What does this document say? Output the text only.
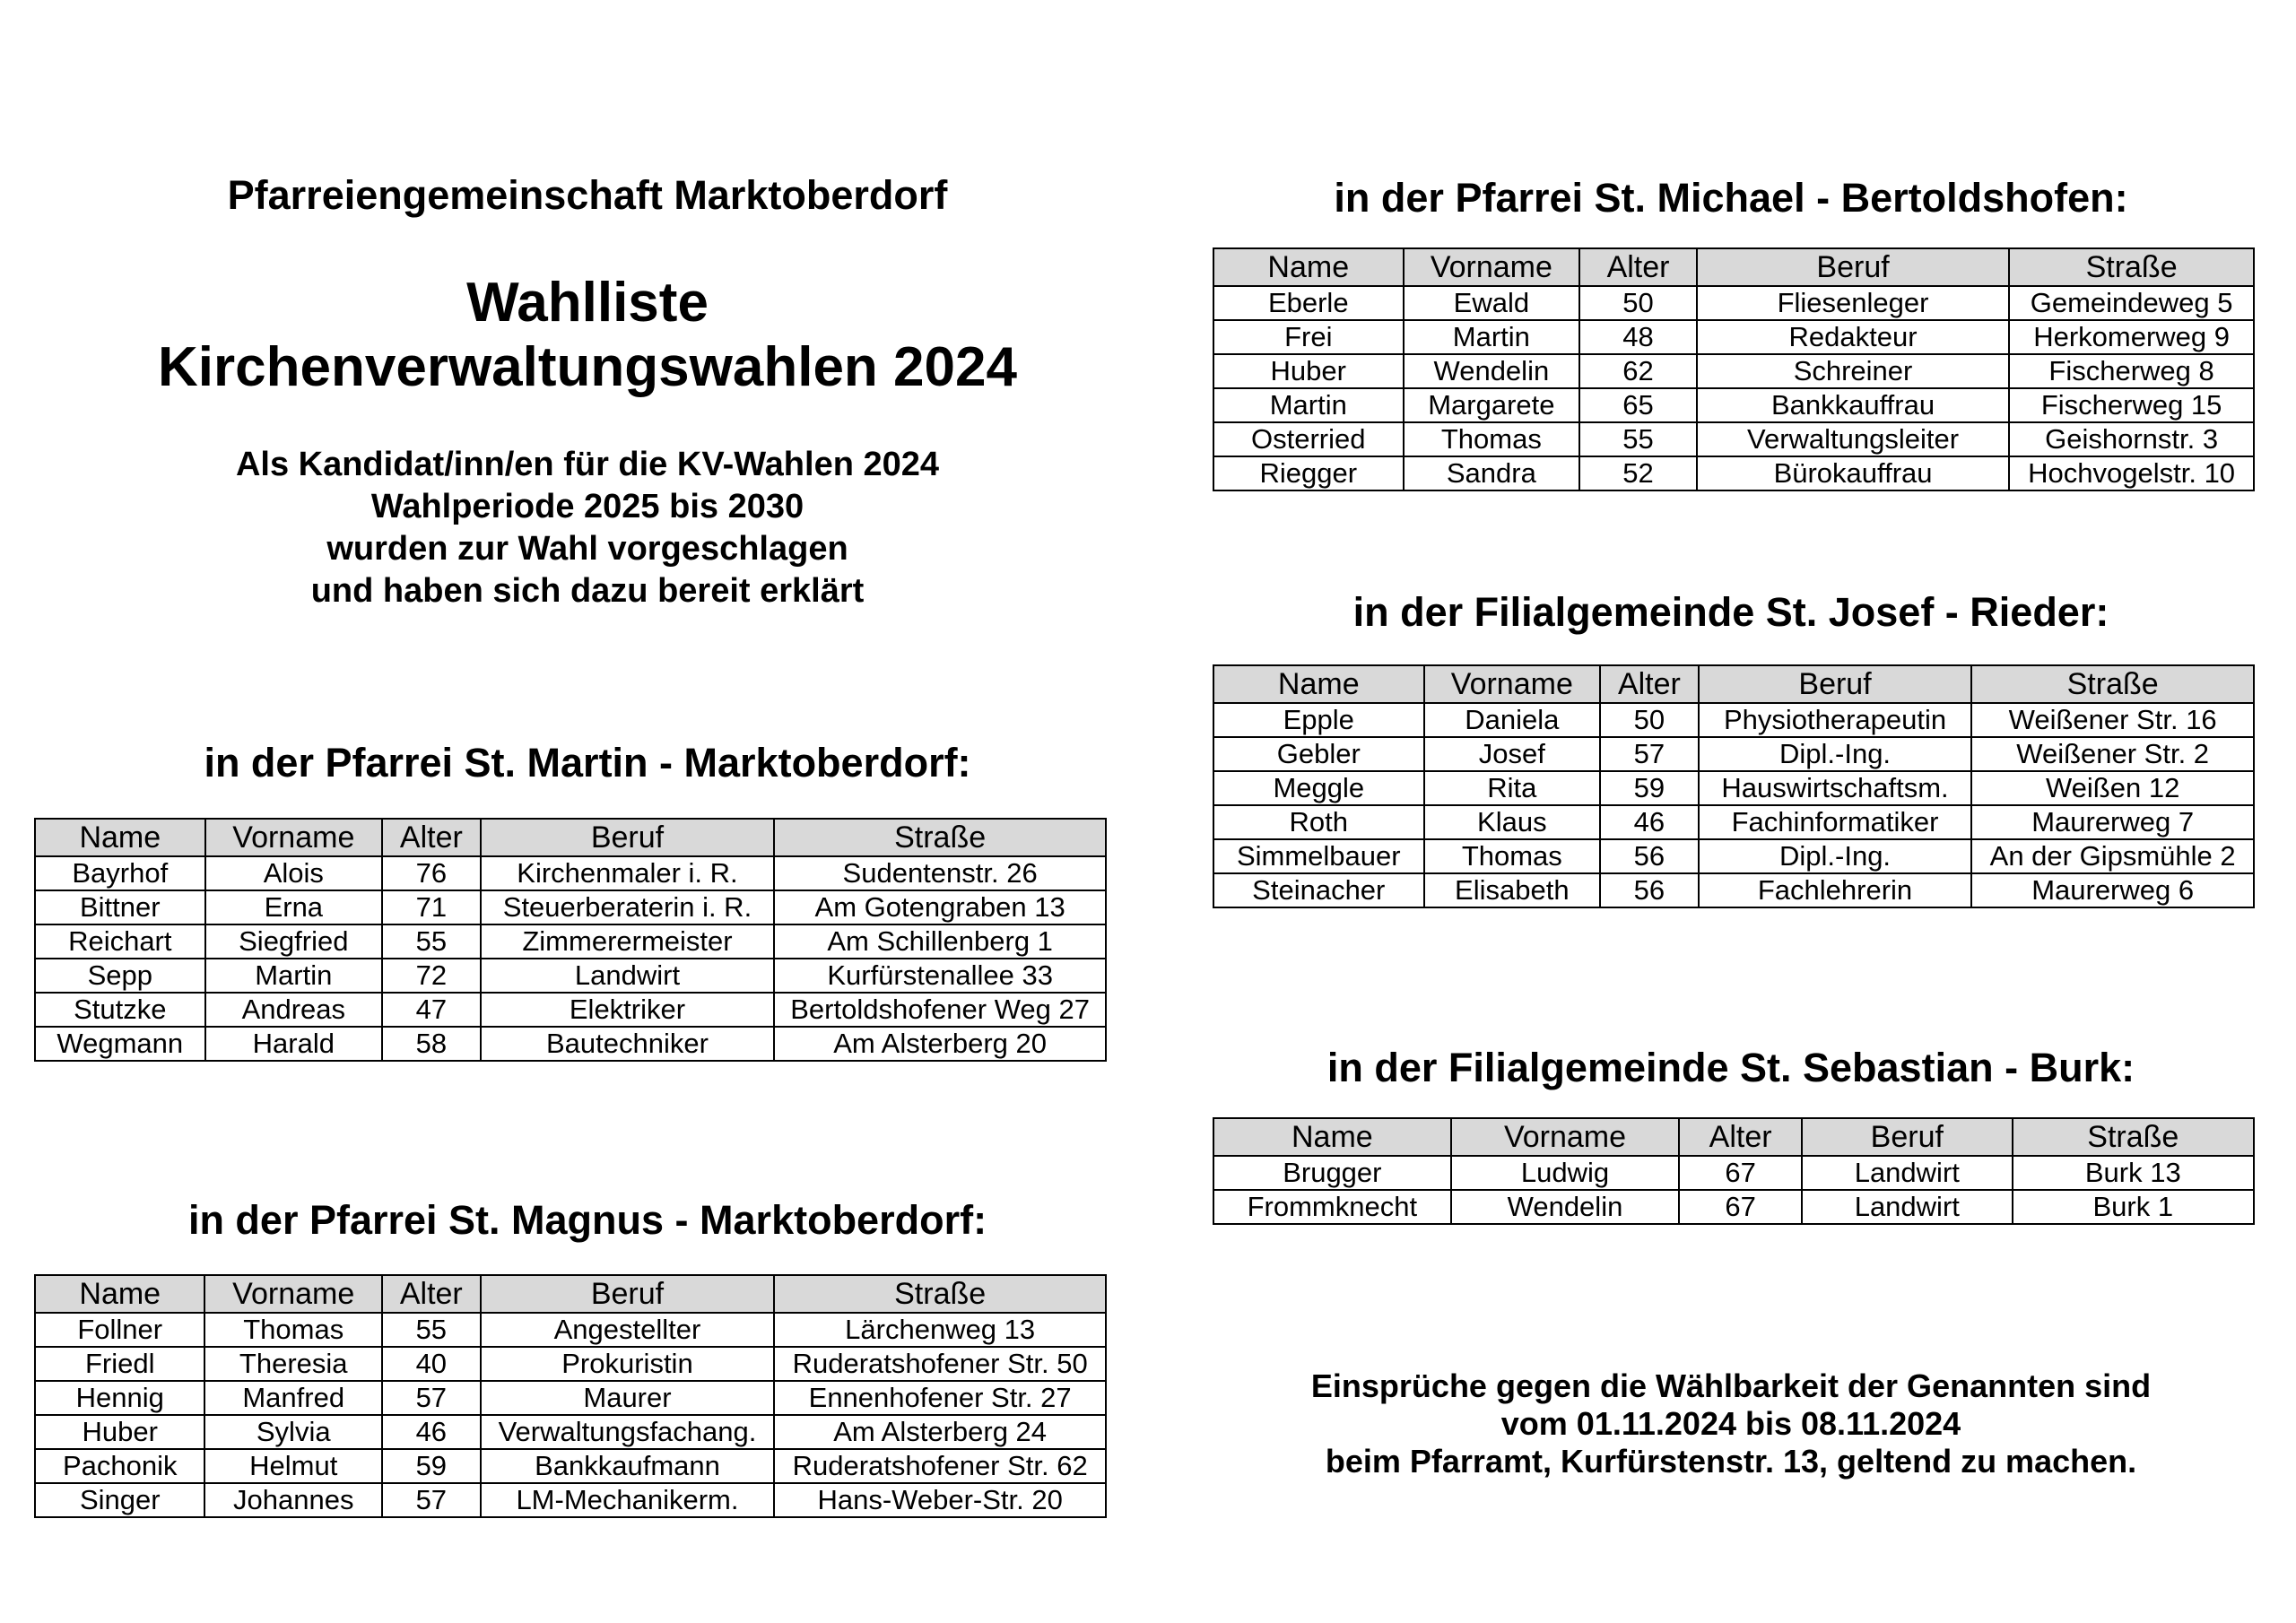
Pfarreiengemeinschaft Marktoberdorf
Wahlliste
Kirchenverwaltungswahlen 2024
Als Kandidat/inn/en für die KV-Wahlen 2024
Wahlperiode 2025 bis 2030
wurden zur Wahl vorgeschlagen
und haben sich dazu bereit erklärt
in der Pfarrei St. Martin - Marktoberdorf:
Name	Vorname	Alter	Beruf	Straße
Bayrhof	Alois	76	Kirchenmaler i. R.	Sudentenstr. 26
Bittner	Erna	71	Steuerberaterin i. R.	Am Gotengraben 13
Reichart	Siegfried	55	Zimmerermeister	Am Schillenberg 1
Sepp	Martin	72	Landwirt	Kurfürstenallee 33
Stutzke	Andreas	47	Elektriker	Bertoldshofener Weg 27
Wegmann	Harald	58	Bautechniker	Am Alsterberg 20
in der Pfarrei St. Magnus - Marktoberdorf:
Name	Vorname	Alter	Beruf	Straße
Follner	Thomas	55	Angestellter	Lärchenweg 13
Friedl	Theresia	40	Prokuristin	Ruderatshofener Str. 50
Hennig	Manfred	57	Maurer	Ennenhofener Str. 27
Huber	Sylvia	46	Verwaltungsfachang.	Am Alsterberg 24
Pachonik	Helmut	59	Bankkaufmann	Ruderatshofener Str. 62
Singer	Johannes	57	LM-Mechanikerm.	Hans-Weber-Str. 20
in der Pfarrei St. Michael - Bertoldshofen:
Name	Vorname	Alter	Beruf	Straße
Eberle	Ewald	50	Fliesenleger	Gemeindeweg 5
Frei	Martin	48	Redakteur	Herkomerweg 9
Huber	Wendelin	62	Schreiner	Fischerweg 8
Martin	Margarete	65	Bankkauffrau	Fischerweg 15
Osterried	Thomas	55	Verwaltungsleiter	Geishornstr. 3
Riegger	Sandra	52	Bürokauffrau	Hochvogelstr. 10
in der Filialgemeinde St. Josef - Rieder:
Name	Vorname	Alter	Beruf	Straße
Epple	Daniela	50	Physiotherapeutin	Weißener Str. 16
Gebler	Josef	57	Dipl.-Ing.	Weißener Str. 2
Meggle	Rita	59	Hauswirtschaftsm.	Weißen 12
Roth	Klaus	46	Fachinformatiker	Maurerweg 7
Simmelbauer	Thomas	56	Dipl.-Ing.	An der Gipsmühle 2
Steinacher	Elisabeth	56	Fachlehrerin	Maurerweg 6
in der Filialgemeinde St. Sebastian - Burk:
Name	Vorname	Alter	Beruf	Straße
Brugger	Ludwig	67	Landwirt	Burk 13
Frommknecht	Wendelin	67	Landwirt	Burk 1
Einsprüche gegen die Wählbarkeit der Genannten sind
vom 01.11.2024 bis 08.11.2024
beim Pfarramt, Kurfürstenstr. 13, geltend zu machen.
